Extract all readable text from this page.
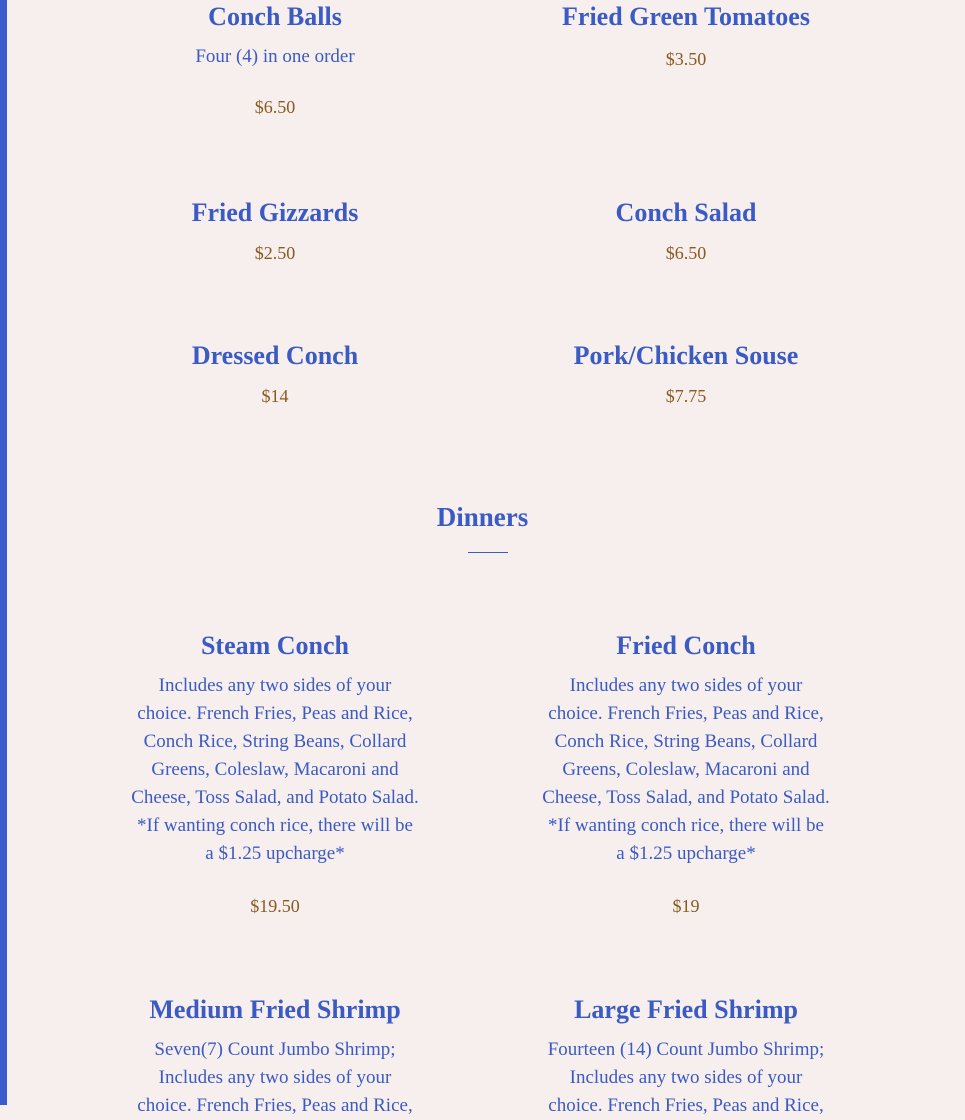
Conch Balls
Four (4) in one order
$6.50
Fried Green Tomatoes
$3.50
Fried Gizzards
$2.50
Conch Salad
$6.50
Dressed Conch
$14
Pork/Chicken Souse
$7.75
Dinners
Steam Conch
Includes any two sides of your
choice. French Fries, Peas and Rice,
Conch Rice, String Beans, Collard
Greens, Coleslaw, Macaroni and
Cheese, Toss Salad, and Potato Salad.
*If wanting conch rice, there will be
a $1.25 upcharge*
$19.50
Fried Conch
Includes any two sides of your
choice. French Fries, Peas and Rice,
Conch Rice, String Beans, Collard
Greens, Coleslaw, Macaroni and
Cheese, Toss Salad, and Potato Salad.
*If wanting conch rice, there will be
a $1.25 upcharge*
$19
Medium Fried Shrimp
Seven(7) Count Jumbo Shrimp;
Includes any two sides of your
choice. French Fries, Peas and Rice,
Large Fried Shrimp
Fourteen (14) Count Jumbo Shrimp;
Includes any two sides of your
choice. French Fries, Peas and Rice,
